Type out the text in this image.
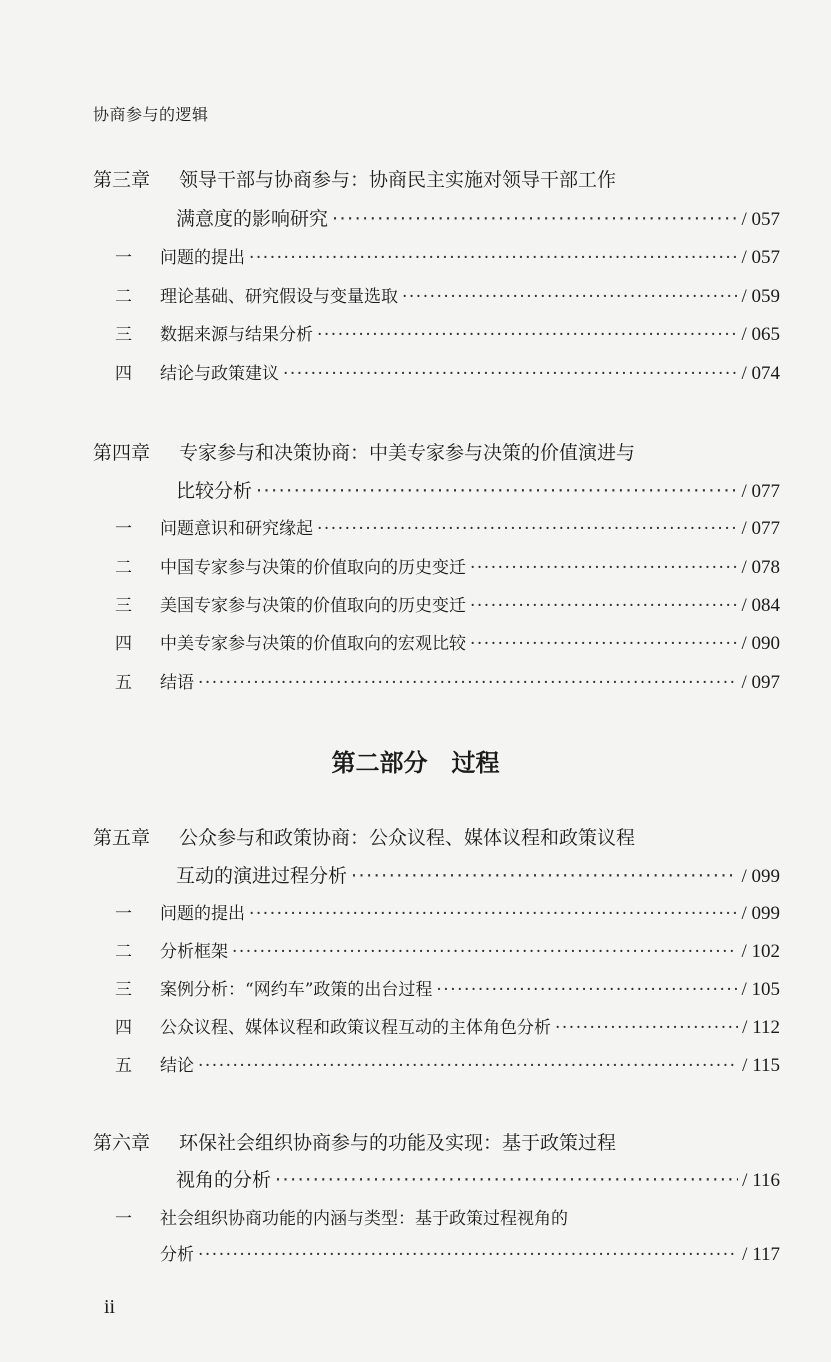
协商参与的逻辑
第三章 领导干部与协商参与：协商民主实施对领导干部工作
满意度的影响研究 ·····	/ 057
一	问题的提出 ·····	/ 057
二	理论基础、研究假设与变量选取 ·····	/ 059
三	数据来源与结果分析 ·····	/ 065
四	结论与政策建议 ·····	/ 074
第四章 专家参与和决策协商：中美专家参与决策的价值演进与
比较分析 ·····	/ 077
一	问题意识和研究缘起 ·····	/ 077
二	中国专家参与决策的价值取向的历史变迁 ·····	/ 078
三	美国专家参与决策的价值取向的历史变迁 ·····	/ 084
四	中美专家参与决策的价值取向的宏观比较 ·····	/ 090
五	结语 ·····	/ 097
第二部分　过程
第五章 公众参与和政策协商：公众议程、媒体议程和政策议程
互动的演进过程分析 ·····	/ 099
一	问题的提出 ·····	/ 099
二	分析框架 ·····	/ 102
三	案例分析：“网约车”政策的出台过程 ·····	/ 105
四	公众议程、媒体议程和政策议程互动的主体角色分析 ·····	/ 112
五	结论 ·····	/ 115
第六章 环保社会组织协商参与的功能及实现：基于政策过程
视角的分析 ·····	/ 116
一 社会组织协商功能的内涵与类型：基于政策过程视角的
分析 ·····	/ 117
ii
